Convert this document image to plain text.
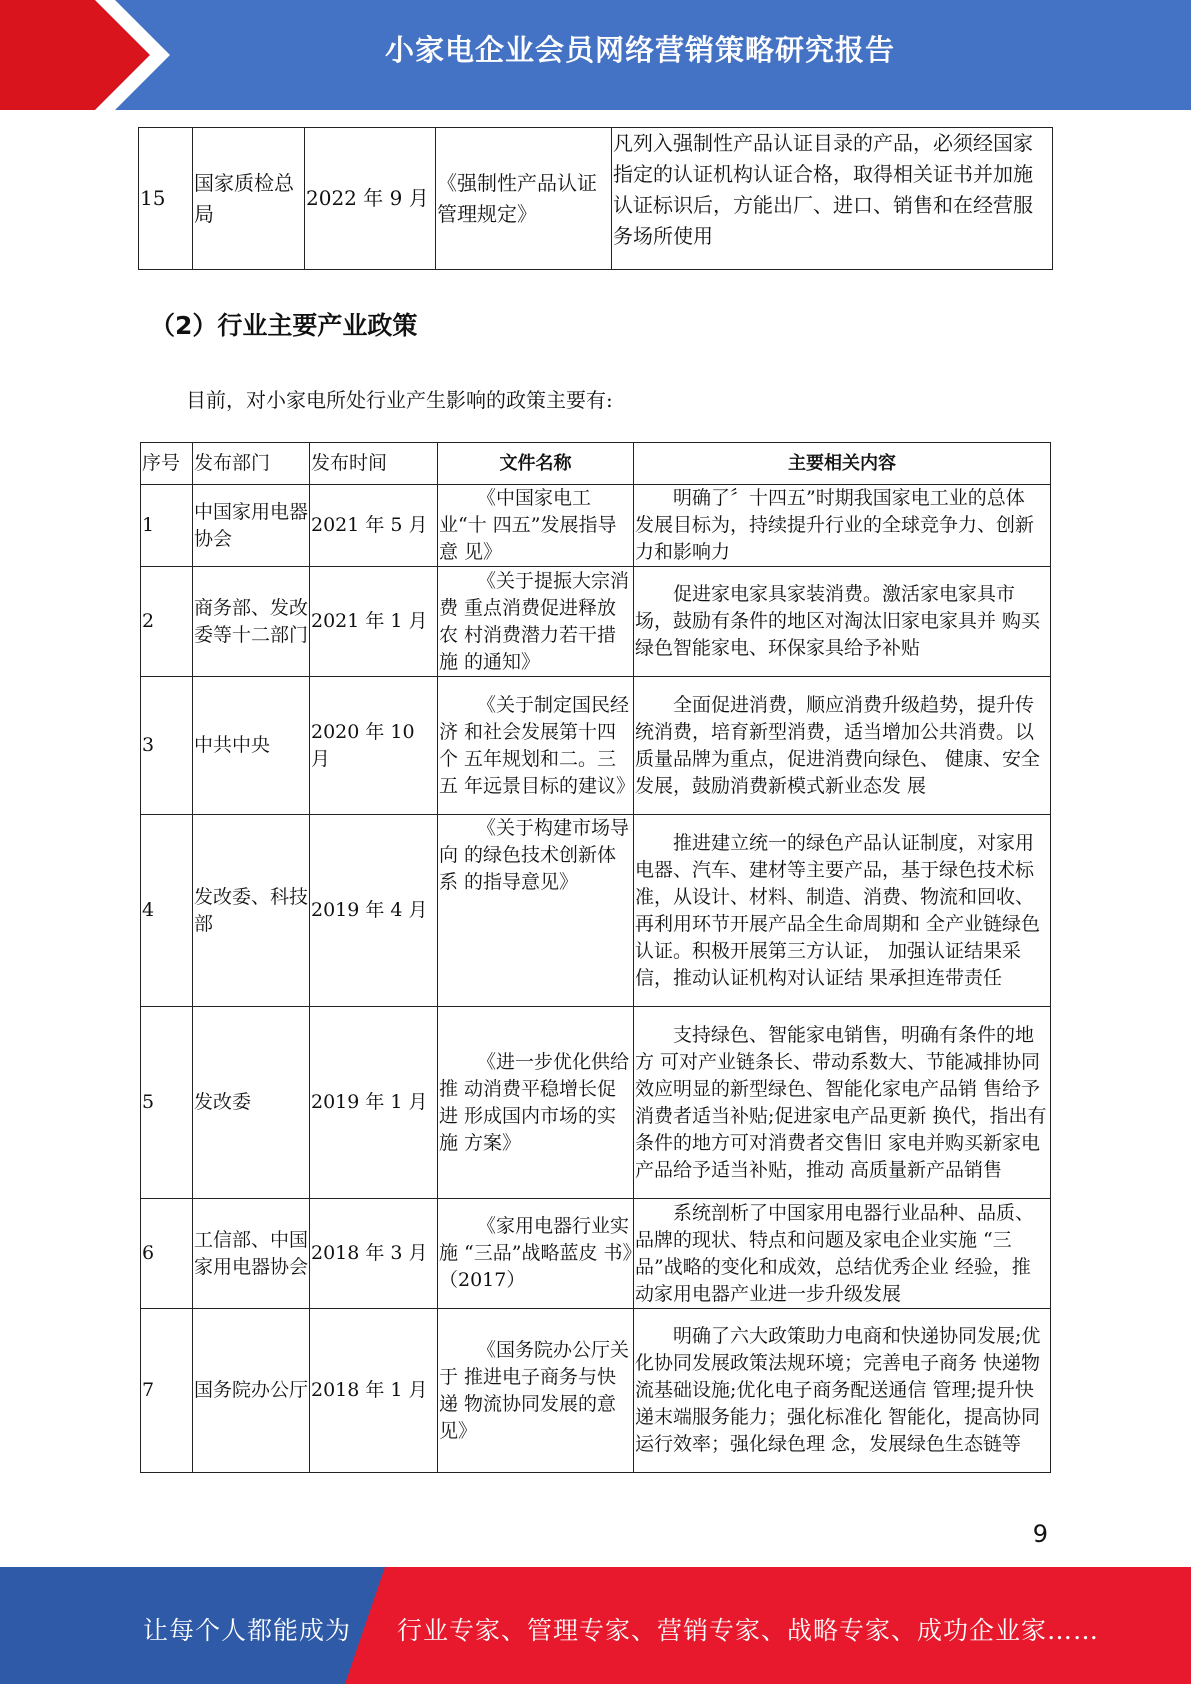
小家电企业会员网络营销策略研究报告
15	国家质检总局	2022 年 9 月	《强制性产品认证管理规定》	凡列入强制性产品认证目录的产品，必须经国家指定的认证机构认证合格，取得相关证书并加施认证标识后，方能出厂、进口、销售和在经营服务场所使用
（2）行业主要产业政策
目前，对小家电所处行业产生影响的政策主要有:
序号	发布部门	发布时间	文件名称	主要相关内容
1	中国家用电器协会	2021 年 5 月	《中国家电工业“十 四五”发展指导意 见》	明确了〞十四五”时期我国家电工业的总体 发展目标为，持续提升行业的全球竞争力、创新力和影响力
2	商务部、发改委等十二部门	2021 年 1 月	《关于提振大宗消费 重点消费促进释放农 村消费潜力若干措施 的通知》	促进家电家具家装消费。激活家电家具市场，鼓励有条件的地区对淘汰旧家电家具并 购买绿色智能家电、环保家具给予补贴
3	中共中央	2020 年 10 月	《关于制定国民经济 和社会发展第十四个 五年规划和二。三五 年远景目标的建议》	全面促进消费，顺应消费升级趋势，提升传 统消费，培育新型消费，适当增加公共消费。以质量品牌为重点，促进消费向绿色、 健康、安全发展，鼓励消费新模式新业态发 展
4	发改委、科技部	2019 年 4 月	《关于构建市场导向 的绿色技术创新体系 的指导意见》	推进建立统一的绿色产品认证制度，对家用 电器、汽车、建材等主要产品，基于绿色技术标准，从设计、材料、制造、消费、物流和回收、再利用环节开展产品全生命周期和 全产业链绿色认证。积极开展第三方认证， 加强认证结果采信，推动认证机构对认证结 果承担连带责任
5	发改委	2019 年 1 月	《进一步优化供给推 动消费平稳增长促进 形成国内市场的实施 方案》	支持绿色、智能家电销售，明确有条件的地方 可对产业链条长、带动系数大、节能减排协同效应明显的新型绿色、智能化家电产品销 售给予消费者适当补贴;促进家电产品更新 换代，指出有条件的地方可对消费者交售旧 家电并购买新家电产品给予适当补贴，推动 高质量新产品销售
6	工信部、中国家用电器协会	2018 年 3 月	《家用电器行业实施 “三品”战略蓝皮 书》（2017）	系统剖析了中国家用电器行业品种、品质、品牌的现状、特点和问题及家电企业实施 “三品”战略的变化和成效，总结优秀企业 经验，推动家用电器产业进一步升级发展
7	国务院办公厅	2018 年 1 月	《国务院办公厅关于 推进电子商务与快递 物流协同发展的意 见》	明确了六大政策助力电商和快递协同发展;优化协同发展政策法规环境；完善电子商务 快递物流基础设施;优化电子商务配送通信 管理;提升快递末端服务能力；强化标准化 智能化，提高协同运行效率；强化绿色理 念，发展绿色生态链等
9
让每个人都能成为 行业专家、管理专家、营销专家、战略专家、成功企业家……
